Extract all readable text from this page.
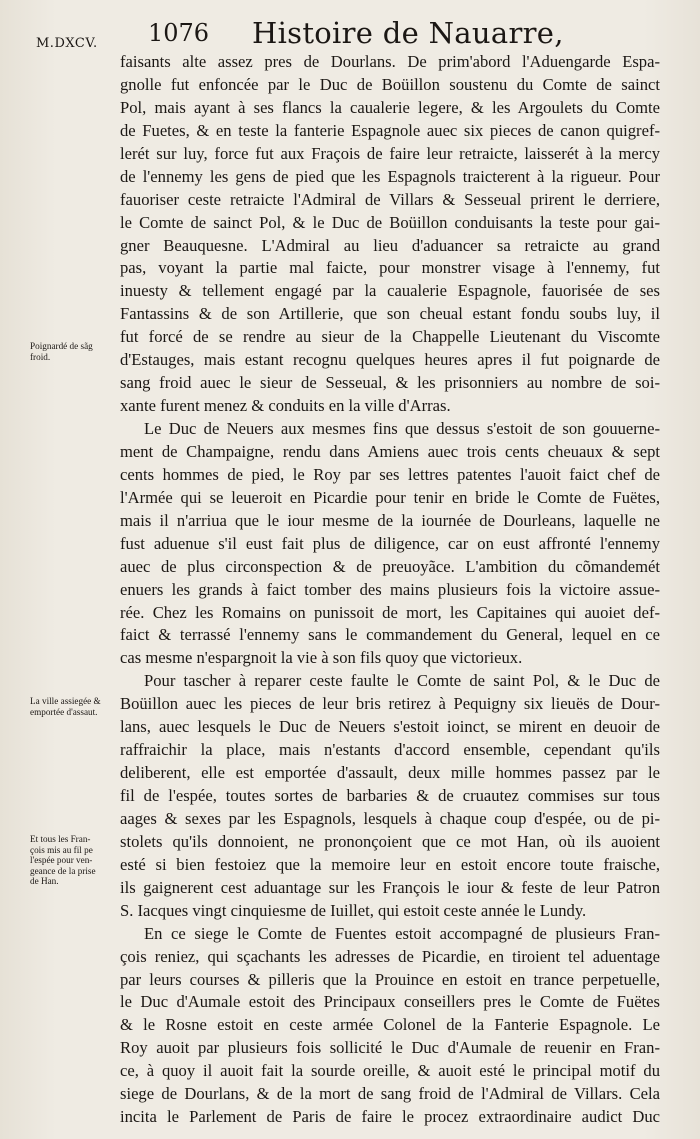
M.DXCV. 1076 Histoire de Nauarre,
faisants alte assez pres de Dourlans. De prim'abord l'Aduengarde Espa-
gnolle fut enfoncée par le Duc de Boüillon soustenu du Comte de sainct
Pol, mais ayant à ses flancs la caualerie legere, & les Argoulets du Comte
de Fuetes, & en teste la fanterie Espagnole auec six pieces de canon quigref-
lerét sur luy, force fut aux Fraçois de faire leur retraicte, laisserét à la mercy
de l'ennemy les gens de pied que les Espagnols traicterent à la rigueur. Pour
fauoriser ceste retraicte l'Admiral de Villars & Sesseual prirent le derriere,
le Comte de sainct Pol, & le Duc de Boüillon conduisants la teste pour gai-
gner Beauquesne. L'Admiral au lieu d'aduancer sa retraicte au grand
pas, voyant la partie mal faicte, pour monstrer visage à l'ennemy, fut
inuesty & tellement engagé par la caualerie Espagnole, fauorisée de ses
Fantassins & de son Artillerie, que son cheual estant fondu soubs luy, il
fut forcé de se rendre au sieur de la Chappelle Lieutenant du Viscomte
d'Estauges, mais estant recognu quelques heures apres il fut poignarde de
sang froid auec le sieur de Sesseual, & les prisonniers au nombre de soi-
xante furent menez & conduits en la ville d'Arras.
Le Duc de Neuers aux mesmes fins que dessus s'estoit de son gouuerne-
ment de Champaigne, rendu dans Amiens auec trois cents cheuaux & sept
cents hommes de pied, le Roy par ses lettres patentes l'auoit faict chef de
l'Armée qui se leueroit en Picardie pour tenir en bride le Comte de Fuëtes,
mais il n'arriua que le iour mesme de la iournée de Dourleans, laquelle ne
fust aduenue s'il eust fait plus de diligence, car on eust affronté l'ennemy
auec de plus circonspection & de preuoyãce. L'ambition du cõmandemét
enuers les grands à faict tomber des mains plusieurs fois la victoire assue-
rée. Chez les Romains on punissoit de mort, les Capitaines qui auoiet def-
faict & terrassé l'ennemy sans le commandement du General, lequel en ce
cas mesme n'espargnoit la vie à son fils quoy que victorieux.
Pour tascher à reparer ceste faulte le Comte de saint Pol, & le Duc de
Boüillon auec les pieces de leur bris retirez à Pequigny six lieuës de Dour-
lans, auec lesquels le Duc de Neuers s'estoit ioinct, se mirent en deuoir de
raffraichir la place, mais n'estants d'accord ensemble, cependant qu'ils
deliberent, elle est emportée d'assault, deux mille hommes passez par le
fil de l'espée, toutes sortes de barbaries & de cruautez commises sur tous
aages & sexes par les Espagnols, lesquels à chaque coup d'espée, ou de pi-
stolets qu'ils donnoient, ne prononçoient que ce mot Han, où ils auoient
esté si bien festoiez que la memoire leur en estoit encore toute fraische,
ils gaignerent cest aduantage sur les François le iour & feste de leur Patron
S. Iacques vingt cinquiesme de Iuillet, qui estoit ceste année le Lundy.
En ce siege le Comte de Fuentes estoit accompagné de plusieurs Fran-
çois reniez, qui sçachants les adresses de Picardie, en tiroient tel aduentage
par leurs courses & pilleris que la Prouince en estoit en trance perpetuelle,
le Duc d'Aumale estoit des Principaux conseillers pres le Comte de Fuëtes
& le Rosne estoit en ceste armée Colonel de la Fanterie Espagnole. Le
Roy auoit par plusieurs fois sollicité le Duc d'Aumale de reuenir en Fran-
ce, à quoy il auoit fait la sourde oreille, & auoit esté le principal motif du
siege de Dourlans, & de la mort de sang froid de l'Admiral de Villars. Cela
incita le Parlement de Paris de faire le procez extraordinaire audict Duc
Poignardé de sãg
froid.
La ville assiegée &
emportée d'assaut.
Et tous les Fran-
çois mis au fil pe
l'espée pour ven-
geance de la prise
de Han.
